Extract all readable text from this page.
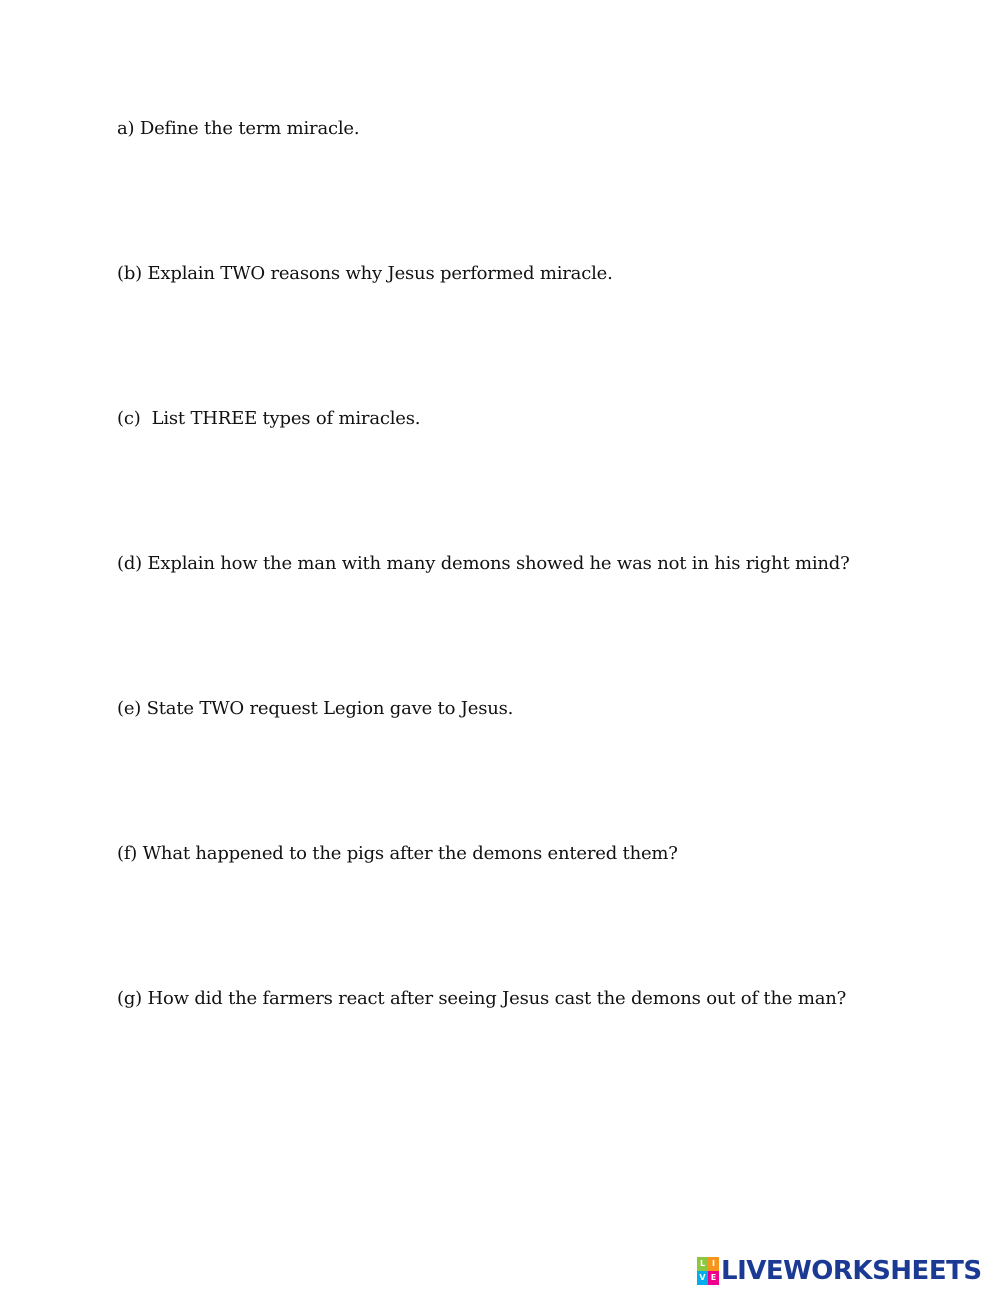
a) Define the term miracle.

(b) Explain TWO reasons why Jesus performed miracle.

(c)  List THREE types of miracles.

(d) Explain how the man with many demons showed he was not in his right mind?

(e) State TWO request Legion gave to Jesus.

(f) What happened to the pigs after the demons entered them?

(g) How did the farmers react after seeing Jesus cast the demons out of the man?

L I
V E LIVEWORKSHEETS
